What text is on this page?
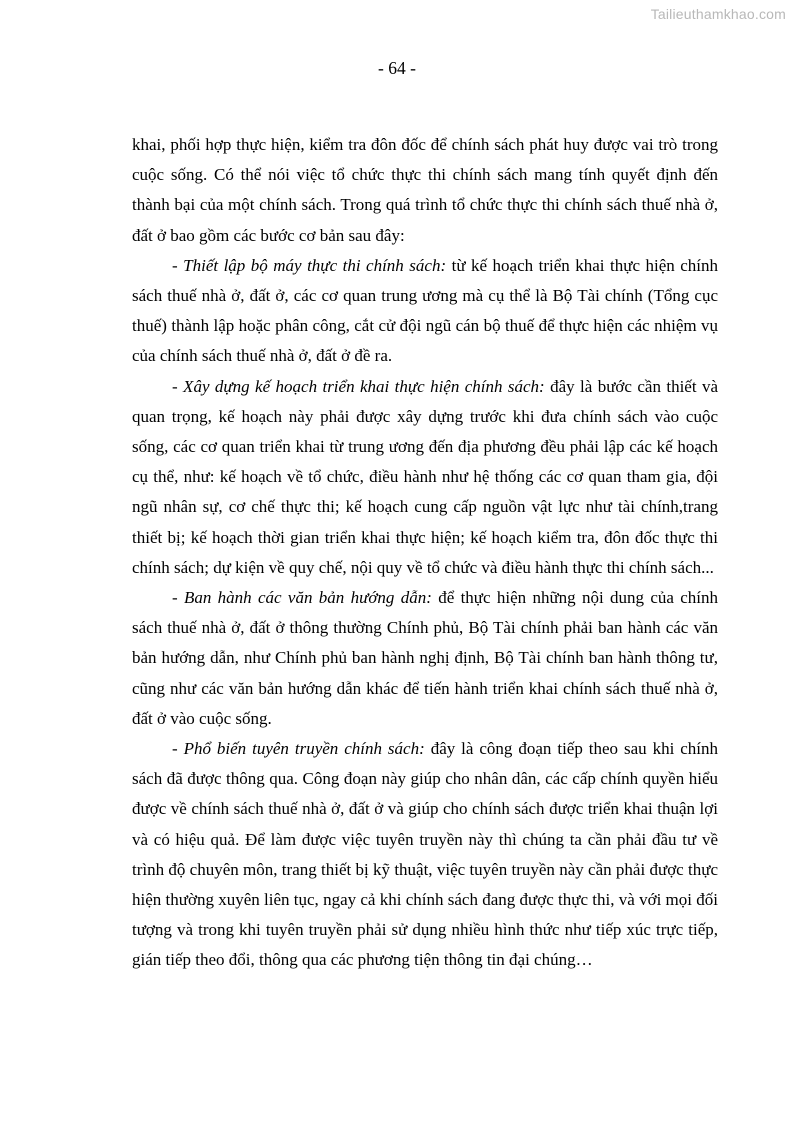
Tailieuthamkhao.com
- 64 -

khai, phối hợp thực hiện, kiểm tra đôn đốc để chính sách phát huy được vai trò trong cuộc sống. Có thể nói việc tổ chức thực thi chính sách mang tính quyết định đến thành bại của một chính sách. Trong quá trình tổ chức thực thi chính sách thuế nhà ở, đất ở bao gồm các bước cơ bản sau đây:

- Thiết lập bộ máy thực thi chính sách: từ kế hoạch triển khai thực hiện chính sách thuế nhà ở, đất ở, các cơ quan trung ương mà cụ thể là Bộ Tài chính (Tổng cục thuế) thành lập hoặc phân công, cắt cử đội ngũ cán bộ thuế để thực hiện các nhiệm vụ của chính sách thuế nhà ở, đất ở đề ra.

- Xây dựng kế hoạch triển khai thực hiện chính sách: đây là bước cần thiết và quan trọng, kế hoạch này phải được xây dựng trước khi đưa chính sách vào cuộc sống, các cơ quan triển khai từ trung ương đến địa phương đều phải lập các kế hoạch cụ thể, như: kế hoạch về tổ chức, điều hành như hệ thống các cơ quan tham gia, đội ngũ nhân sự, cơ chế thực thi; kế hoạch cung cấp nguồn vật lực như tài chính,trang thiết bị; kế hoạch thời gian triển khai thực hiện; kế hoạch kiểm tra, đôn đốc thực thi chính sách; dự kiện về quy chế, nội quy về tổ chức và điều hành thực thi chính sách...

- Ban hành các văn bản hướng dẫn: để thực hiện những nội dung của chính sách thuế nhà ở, đất ở thông thường Chính phủ, Bộ Tài chính phải ban hành các văn bản hướng dẫn, như Chính phủ ban hành nghị định, Bộ Tài chính ban hành thông tư, cũng như các văn bản hướng dẫn khác để tiến hành triển khai chính sách thuế nhà ở, đất ở vào cuộc sống.

- Phổ biến tuyên truyền chính sách: đây là công đoạn tiếp theo sau khi chính sách đã được thông qua. Công đoạn này giúp cho nhân dân, các cấp chính quyền hiểu được về chính sách thuế nhà ở, đất ở và giúp cho chính sách được triển khai thuận lợi và có hiệu quả. Để làm được việc tuyên truyền này thì chúng ta cần phải đầu tư về trình độ chuyên môn, trang thiết bị kỹ thuật, việc tuyên truyền này cần phải được thực hiện thường xuyên liên tục, ngay cả khi chính sách đang được thực thi, và với mọi đối tượng và trong khi tuyên truyền phải sử dụng nhiều hình thức như tiếp xúc trực tiếp, gián tiếp theo đổi, thông qua các phương tiện thông tin đại chúng…
